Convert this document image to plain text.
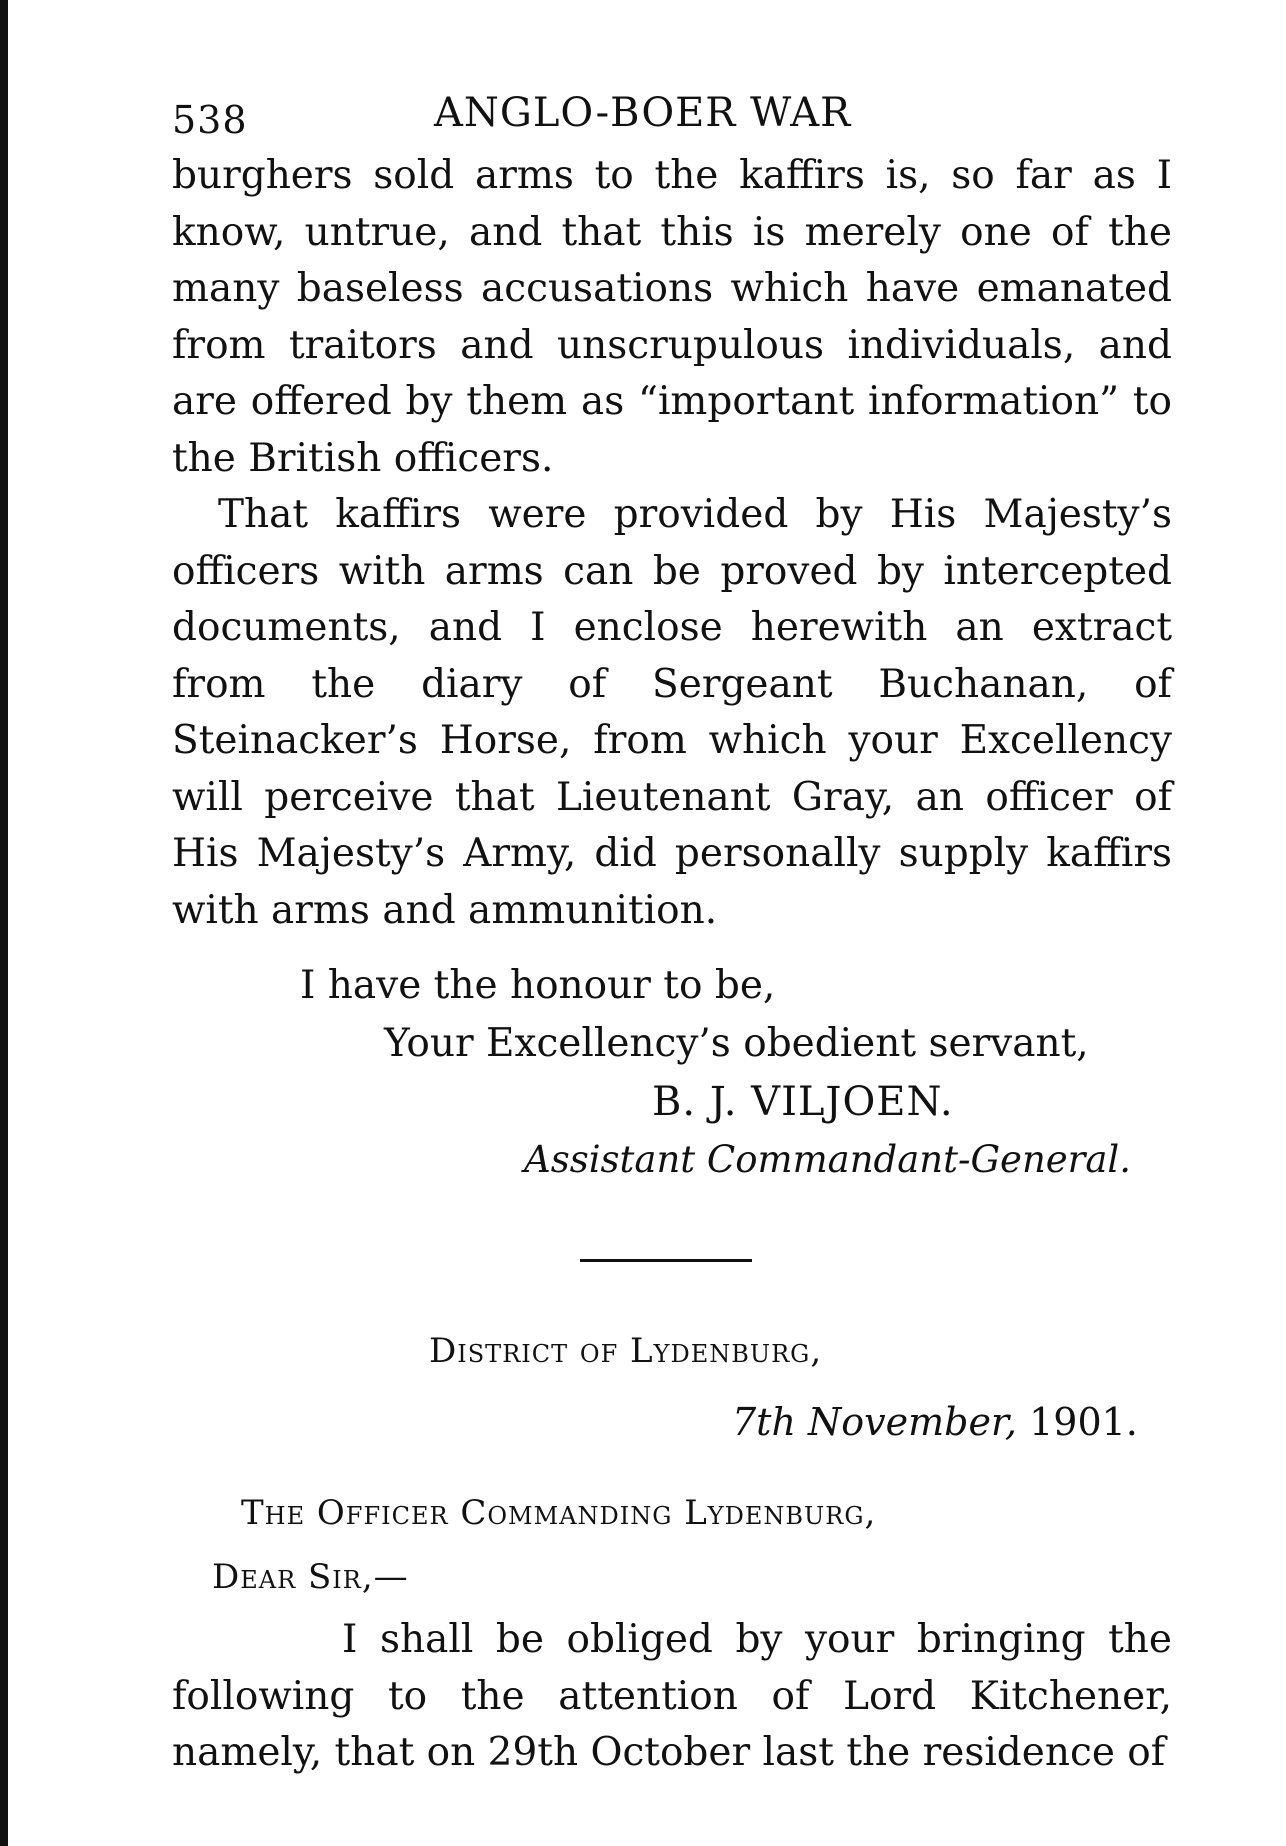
538	ANGLO-BOER WAR

burghers sold arms to the kaffirs is, so far as I know, untrue, and that this is merely one of the many baseless accusations which have emanated from traitors and unscrupulous individuals, and are offered by them as “important information” to the British officers.

That kaffirs were provided by His Majesty’s officers with arms can be proved by intercepted documents, and I enclose herewith an extract from the diary of Sergeant Buchanan, of Steinacker’s Horse, from which your Excellency will perceive that Lieutenant Gray, an officer of His Majesty’s Army, did personally supply kaffirs with arms and ammunition.

I have the honour to be,
Your Excellency’s obedient servant,
B. J. VILJOEN.
Assistant Commandant-General.
District of Lydenburg,
7th November, 1901.
The Officer Commanding Lydenburg,
Dear Sir,—

I shall be obliged by your bringing the following to the attention of Lord Kitchener, namely, that on 29th October last the residence of
